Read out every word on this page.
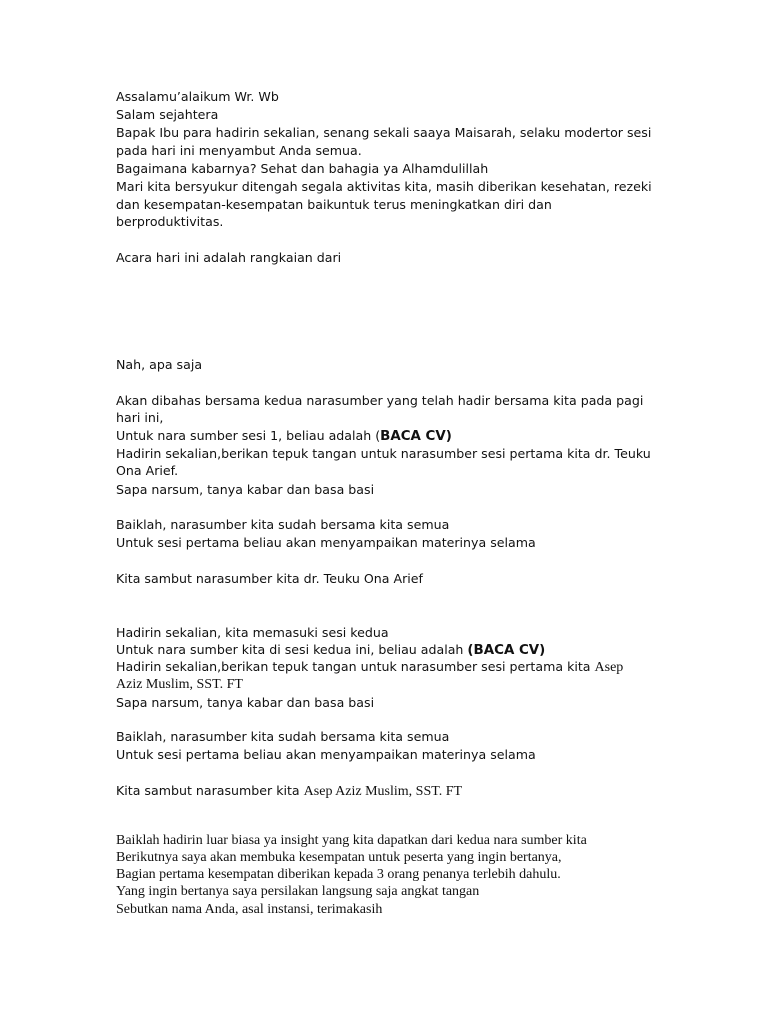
Assalamu’alaikum Wr. Wb

Salam sejahtera

Bapak Ibu para hadirin sekalian, senang sekali saaya Maisarah, selaku modertor sesi

pada hari ini menyambut Anda semua.

Bagaimana kabarnya? Sehat dan bahagia ya Alhamdulillah

Mari kita bersyukur ditengah segala aktivitas kita, masih diberikan kesehatan, rezeki

dan kesempatan-kesempatan baikuntuk terus meningkatkan diri dan

berproduktivitas.

Acara hari ini adalah rangkaian dari

Nah, apa saja

Akan dibahas bersama kedua narasumber yang telah hadir bersama kita pada pagi

hari ini,

Untuk nara sumber sesi 1, beliau adalah (BACA CV)

Hadirin sekalian,berikan tepuk tangan untuk narasumber sesi pertama kita dr. Teuku

Ona Arief.

Sapa narsum, tanya kabar dan basa basi

Baiklah, narasumber kita sudah bersama kita semua

Untuk sesi pertama beliau akan menyampaikan materinya selama

Kita sambut narasumber kita dr. Teuku Ona Arief

Hadirin sekalian, kita memasuki sesi kedua

Untuk nara sumber kita di sesi kedua ini, beliau adalah (BACA CV)

Hadirin sekalian,berikan tepuk tangan untuk narasumber sesi pertama kita Asep

Aziz Muslim, SST. FT

Sapa narsum, tanya kabar dan basa basi

Baiklah, narasumber kita sudah bersama kita semua

Untuk sesi pertama beliau akan menyampaikan materinya selama

Kita sambut narasumber kita Asep Aziz Muslim, SST. FT

Baiklah hadirin luar biasa ya insight yang kita dapatkan dari kedua nara sumber kita

Berikutnya saya akan membuka kesempatan untuk peserta yang ingin bertanya,

Bagian pertama kesempatan diberikan kepada 3 orang penanya terlebih dahulu.

Yang ingin bertanya saya persilakan langsung saja angkat tangan

Sebutkan nama Anda, asal instansi, terimakasih
